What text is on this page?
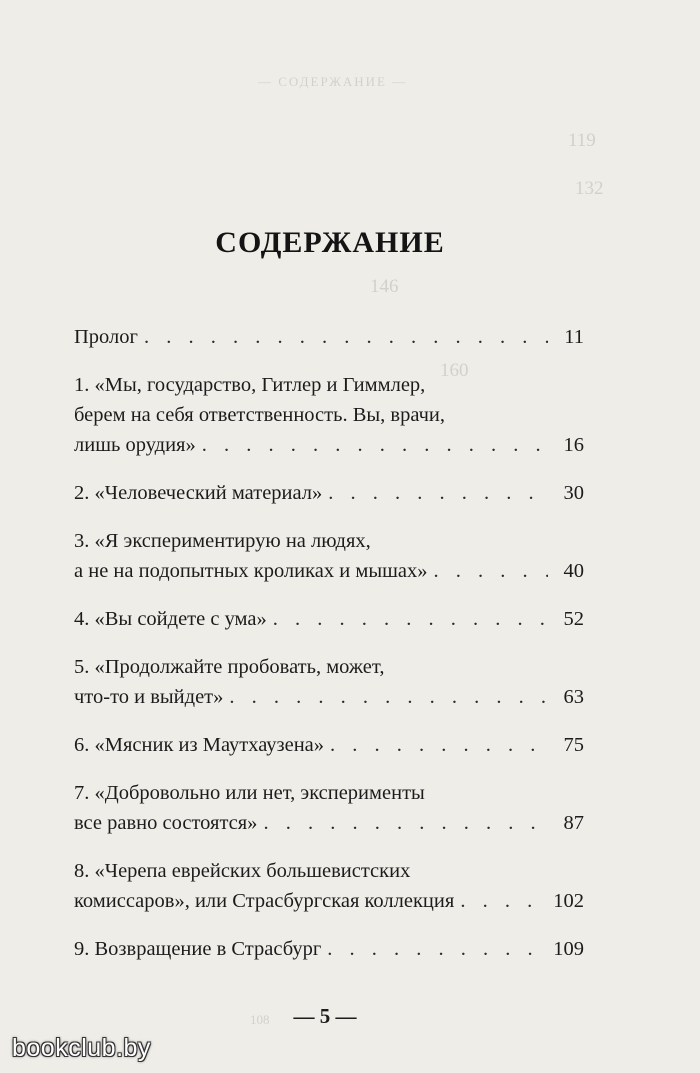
— СОДЕРЖАНИЕ —
119
132
146
160
108
СОДЕРЖАНИЕ
Пролог . . .	11
1. «Мы, государство, Гитлер и Гиммлер,
берем на себя ответственность. Вы, врачи,
лишь орудия» . . .	16
2. «Человеческий материал» . . .	30
3. «Я экспериментирую на людях,
а не на подопытных кроликах и мышах» . . .	40
4. «Вы сойдете с ума» . . .	52
5. «Продолжайте пробовать, может,
что-то и выйдет» . . .	63
6. «Мясник из Маутхаузена» . . .	75
7. «Добровольно или нет, эксперименты
все равно состоятся» . . .	87
8. «Черепа еврейских большевистских
комиссаров», или Страсбургская коллекция . . .	102
9. Возвращение в Страсбург . . .	109
— 5 —
bookclub.by
